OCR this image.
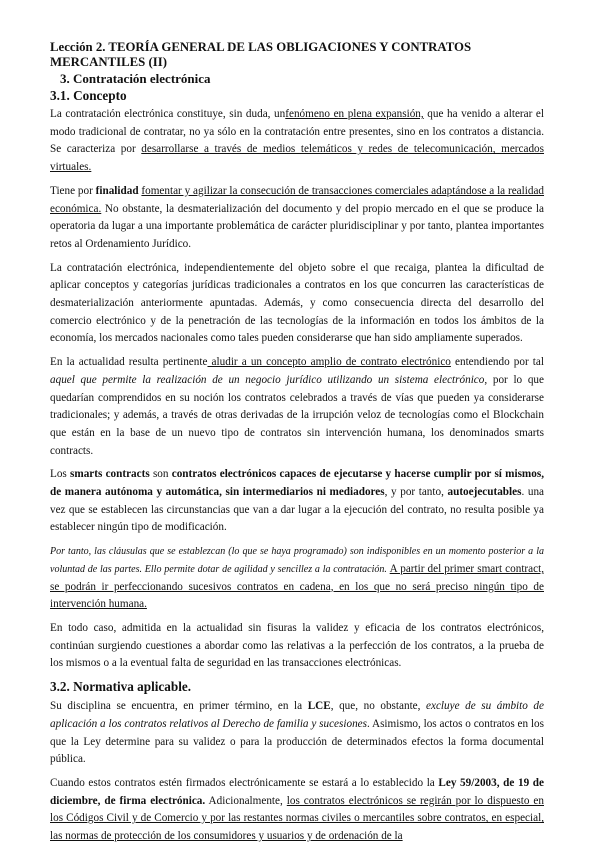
Lección 2. TEORÍA GENERAL DE LAS OBLIGACIONES Y CONTRATOS MERCANTILES (II)
3. Contratación electrónica
3.1. Concepto

La contratación electrónica constituye, sin duda, unfenómeno en plena expansión, que ha venido a alterar el modo tradicional de contratar, no ya sólo en la contratación entre presentes, sino en los contratos a distancia. Se caracteriza por desarrollarse a través de medios telemáticos y redes de telecomunicación, mercados virtuales.

Tiene por finalidad fomentar y agilizar la consecución de transacciones comerciales adaptándose a la realidad económica. No obstante, la desmaterialización del documento y del propio mercado en el que se produce la operatoria da lugar a una importante problemática de carácter pluridisciplinar y por tanto, plantea importantes retos al Ordenamiento Jurídico.

La contratación electrónica, independientemente del objeto sobre el que recaiga, plantea la dificultad de aplicar conceptos y categorías jurídicas tradicionales a contratos en los que concurren las características de desmaterialización anteriormente apuntadas. Además, y como consecuencia directa del desarrollo del comercio electrónico y de la penetración de las tecnologías de la información en todos los ámbitos de la economía, los mercados nacionales como tales pueden considerarse que han sido ampliamente superados.

En la actualidad resulta pertinente aludir a un concepto amplio de contrato electrónico entendiendo por tal aquel que permite la realización de un negocio jurídico utilizando un sistema electrónico, por lo que quedarían comprendidos en su noción los contratos celebrados a través de vías que pueden ya considerarse tradicionales; y además, a través de otras derivadas de la irrupción veloz de tecnologías como el Blockchain que están en la base de un nuevo tipo de contratos sin intervención humana, los denominados smarts contracts.

Los smarts contracts son contratos electrónicos capaces de ejecutarse y hacerse cumplir por sí mismos, de manera autónoma y automática, sin intermediarios ni mediadores, y por tanto, autoejecutables. una vez que se establecen las circunstancias que van a dar lugar a la ejecución del contrato, no resulta posible ya establecer ningún tipo de modificación.

Por tanto, las cláusulas que se establezcan (lo que se haya programado) son indisponibles en un momento posterior a la voluntad de las partes. Ello permite dotar de agilidad y sencillez a la contratación. A partir del primer smart contract, se podrán ir perfeccionando sucesivos contratos en cadena, en los que no será preciso ningún tipo de intervención humana.

En todo caso, admitida en la actualidad sin fisuras la validez y eficacia de los contratos electrónicos, continúan surgiendo cuestiones a abordar como las relativas a la perfección de los contratos, a la prueba de los mismos o a la eventual falta de seguridad en las transacciones electrónicas.

3.2. Normativa aplicable.

Su disciplina se encuentra, en primer término, en la LCE, que, no obstante, excluye de su ámbito de aplicación a los contratos relativos al Derecho de familia y sucesiones. Asimismo, los actos o contratos en los que la Ley determine para su validez o para la producción de determinados efectos la forma documental pública.

Cuando estos contratos estén firmados electrónicamente se estará a lo establecido la Ley 59/2003, de 19 de diciembre, de firma electrónica. Adicionalmente, los contratos electrónicos se regirán por lo dispuesto en los Códigos Civil y de Comercio y por las restantes normas civiles o mercantiles sobre contratos, en especial, las normas de protección de los consumidores y usuarios y de ordenación de la
